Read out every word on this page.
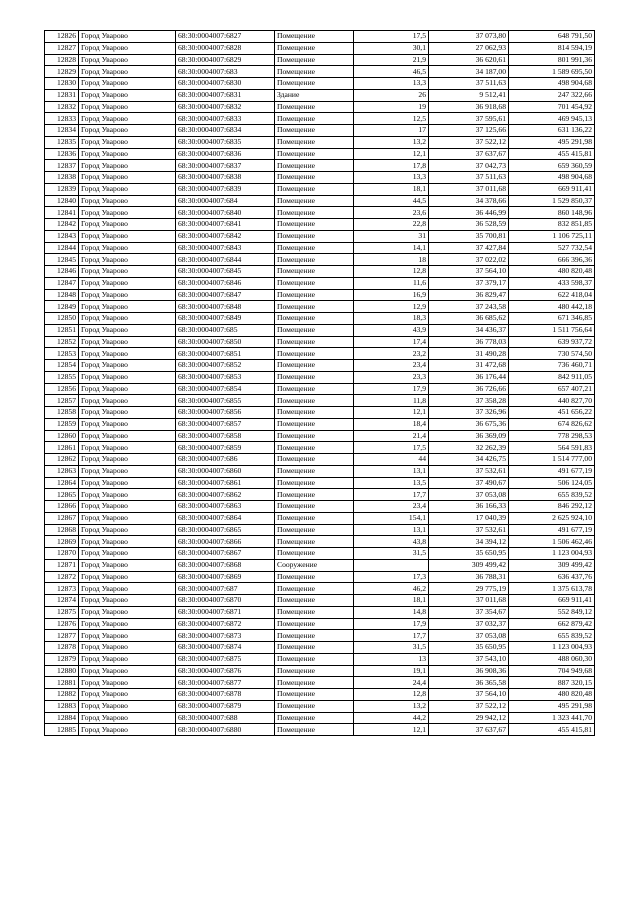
12826	Город Уварово	68:30:0004007:6827	Помещение	17,5	37 073,80	648 791,50
12827	Город Уварово	68:30:0004007:6828	Помещение	30,1	27 062,93	814 594,19
12828	Город Уварово	68:30:0004007:6829	Помещение	21,9	36 620,61	801 991,36
12829	Город Уварово	68:30:0004007:683	Помещение	46,5	34 187,00	1 589 695,50
12830	Город Уварово	68:30:0004007:6830	Помещение	13,3	37 511,63	498 904,68
12831	Город Уварово	68:30:0004007:6831	Здание	26	9 512,41	247 322,66
12832	Город Уварово	68:30:0004007:6832	Помещение	19	36 918,68	701 454,92
12833	Город Уварово	68:30:0004007:6833	Помещение	12,5	37 595,61	469 945,13
12834	Город Уварово	68:30:0004007:6834	Помещение	17	37 125,66	631 136,22
12835	Город Уварово	68:30:0004007:6835	Помещение	13,2	37 522,12	495 291,98
12836	Город Уварово	68:30:0004007:6836	Помещение	12,1	37 637,67	455 415,81
12837	Город Уварово	68:30:0004007:6837	Помещение	17,8	37 042,73	659 360,59
12838	Город Уварово	68:30:0004007:6838	Помещение	13,3	37 511,63	498 904,68
12839	Город Уварово	68:30:0004007:6839	Помещение	18,1	37 011,68	669 911,41
12840	Город Уварово	68:30:0004007:684	Помещение	44,5	34 378,66	1 529 850,37
12841	Город Уварово	68:30:0004007:6840	Помещение	23,6	36 446,99	860 148,96
12842	Город Уварово	68:30:0004007:6841	Помещение	22,8	36 528,59	832 851,85
12843	Город Уварово	68:30:0004007:6842	Помещение	31	35 700,81	1 106 725,11
12844	Город Уварово	68:30:0004007:6843	Помещение	14,1	37 427,84	527 732,54
12845	Город Уварово	68:30:0004007:6844	Помещение	18	37 022,02	666 396,36
12846	Город Уварово	68:30:0004007:6845	Помещение	12,8	37 564,10	480 820,48
12847	Город Уварово	68:30:0004007:6846	Помещение	11,6	37 379,17	433 598,37
12848	Город Уварово	68:30:0004007:6847	Помещение	16,9	36 829,47	622 418,04
12849	Город Уварово	68:30:0004007:6848	Помещение	12,9	37 243,58	480 442,18
12850	Город Уварово	68:30:0004007:6849	Помещение	18,3	36 685,62	671 346,85
12851	Город Уварово	68:30:0004007:685	Помещение	43,9	34 436,37	1 511 756,64
12852	Город Уварово	68:30:0004007:6850	Помещение	17,4	36 778,03	639 937,72
12853	Город Уварово	68:30:0004007:6851	Помещение	23,2	31 490,28	730 574,50
12854	Город Уварово	68:30:0004007:6852	Помещение	23,4	31 472,68	736 460,71
12855	Город Уварово	68:30:0004007:6853	Помещение	23,3	36 176,44	842 911,05
12856	Город Уварово	68:30:0004007:6854	Помещение	17,9	36 726,66	657 407,21
12857	Город Уварово	68:30:0004007:6855	Помещение	11,8	37 358,28	440 827,70
12858	Город Уварово	68:30:0004007:6856	Помещение	12,1	37 326,96	451 656,22
12859	Город Уварово	68:30:0004007:6857	Помещение	18,4	36 675,36	674 826,62
12860	Город Уварово	68:30:0004007:6858	Помещение	21,4	36 369,09	778 298,53
12861	Город Уварово	68:30:0004007:6859	Помещение	17,5	32 262,39	564 591,83
12862	Город Уварово	68:30:0004007:686	Помещение	44	34 426,75	1 514 777,00
12863	Город Уварово	68:30:0004007:6860	Помещение	13,1	37 532,61	491 677,19
12864	Город Уварово	68:30:0004007:6861	Помещение	13,5	37 490,67	506 124,05
12865	Город Уварово	68:30:0004007:6862	Помещение	17,7	37 053,08	655 839,52
12866	Город Уварово	68:30:0004007:6863	Помещение	23,4	36 166,33	846 292,12
12867	Город Уварово	68:30:0004007:6864	Помещение	154,1	17 040,39	2 625 924,10
12868	Город Уварово	68:30:0004007:6865	Помещение	13,1	37 532,61	491 677,19
12869	Город Уварово	68:30:0004007:6866	Помещение	43,8	34 394,12	1 506 462,46
12870	Город Уварово	68:30:0004007:6867	Помещение	31,5	35 650,95	1 123 004,93
12871	Город Уварово	68:30:0004007:6868	Сооружение		309 499,42	309 499,42
12872	Город Уварово	68:30:0004007:6869	Помещение	17,3	36 788,31	636 437,76
12873	Город Уварово	68:30:0004007:687	Помещение	46,2	29 775,19	1 375 613,78
12874	Город Уварово	68:30:0004007:6870	Помещение	18,1	37 011,68	669 911,41
12875	Город Уварово	68:30:0004007:6871	Помещение	14,8	37 354,67	552 849,12
12876	Город Уварово	68:30:0004007:6872	Помещение	17,9	37 032,37	662 879,42
12877	Город Уварово	68:30:0004007:6873	Помещение	17,7	37 053,08	655 839,52
12878	Город Уварово	68:30:0004007:6874	Помещение	31,5	35 650,95	1 123 004,93
12879	Город Уварово	68:30:0004007:6875	Помещение	13	37 543,10	488 060,30
12880	Город Уварово	68:30:0004007:6876	Помещение	19,1	36 908,36	704 949,68
12881	Город Уварово	68:30:0004007:6877	Помещение	24,4	36 365,58	887 320,15
12882	Город Уварово	68:30:0004007:6878	Помещение	12,8	37 564,10	480 820,48
12883	Город Уварово	68:30:0004007:6879	Помещение	13,2	37 522,12	495 291,98
12884	Город Уварово	68:30:0004007:688	Помещение	44,2	29 942,12	1 323 441,70
12885	Город Уварово	68:30:0004007:6880	Помещение	12,1	37 637,67	455 415,81
